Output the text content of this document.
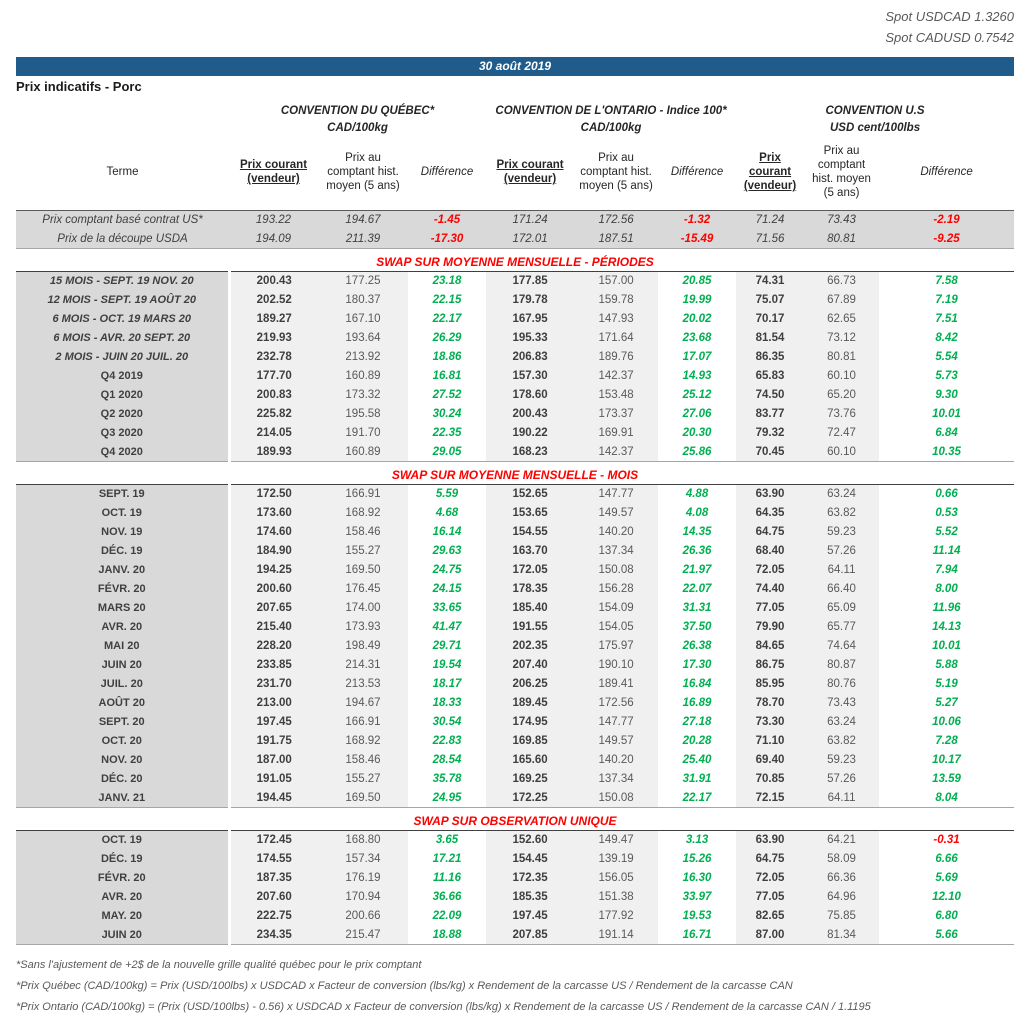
Spot USDCAD 1.3260
Spot CADUSD 0.7542
30 août 2019

Prix indicatifs - Porc

	CONVENTION DU QUÉBEC*			CONVENTION DE L'ONTARIO - Indice 100*			CONVENTION U.S		
	CAD/100kg			CAD/100kg			USD cent/100lbs		
Terme	Prix courant (vendeur)	Prix au comptant hist. moyen (5 ans)	Différence	Prix courant (vendeur)	Prix au comptant hist. moyen (5 ans)	Différence	Prix courant (vendeur)	Prix au comptant hist. moyen (5 ans)	Différence
Prix comptant basé contrat US*	193.22	194.67	-1.45	171.24	172.56	-1.32	71.24	73.43	-2.19
Prix de la découpe USDA	194.09	211.39	-17.30	172.01	187.51	-15.49	71.56	80.81	-9.25
SWAP SUR MOYENNE MENSUELLE - PÉRIODES									
15 MOIS - SEPT. 19 NOV. 20	200.43	177.25	23.18	177.85	157.00	20.85	74.31	66.73	7.58
12 MOIS - SEPT. 19 AOÛT 20	202.52	180.37	22.15	179.78	159.78	19.99	75.07	67.89	7.19
6 MOIS - OCT. 19 MARS 20	189.27	167.10	22.17	167.95	147.93	20.02	70.17	62.65	7.51
6 MOIS - AVR. 20 SEPT. 20	219.93	193.64	26.29	195.33	171.64	23.68	81.54	73.12	8.42
2 MOIS - JUIN 20 JUIL. 20	232.78	213.92	18.86	206.83	189.76	17.07	86.35	80.81	5.54
Q4 2019	177.70	160.89	16.81	157.30	142.37	14.93	65.83	60.10	5.73
Q1 2020	200.83	173.32	27.52	178.60	153.48	25.12	74.50	65.20	9.30
Q2 2020	225.82	195.58	30.24	200.43	173.37	27.06	83.77	73.76	10.01
Q3 2020	214.05	191.70	22.35	190.22	169.91	20.30	79.32	72.47	6.84
Q4 2020	189.93	160.89	29.05	168.23	142.37	25.86	70.45	60.10	10.35
SWAP SUR MOYENNE MENSUELLE - MOIS									
SEPT. 19	172.50	166.91	5.59	152.65	147.77	4.88	63.90	63.24	0.66
OCT. 19	173.60	168.92	4.68	153.65	149.57	4.08	64.35	63.82	0.53
NOV. 19	174.60	158.46	16.14	154.55	140.20	14.35	64.75	59.23	5.52
DÉC. 19	184.90	155.27	29.63	163.70	137.34	26.36	68.40	57.26	11.14
JANV. 20	194.25	169.50	24.75	172.05	150.08	21.97	72.05	64.11	7.94
FÉVR. 20	200.60	176.45	24.15	178.35	156.28	22.07	74.40	66.40	8.00
MARS 20	207.65	174.00	33.65	185.40	154.09	31.31	77.05	65.09	11.96
AVR. 20	215.40	173.93	41.47	191.55	154.05	37.50	79.90	65.77	14.13
MAI 20	228.20	198.49	29.71	202.35	175.97	26.38	84.65	74.64	10.01
JUIN 20	233.85	214.31	19.54	207.40	190.10	17.30	86.75	80.87	5.88
JUIL. 20	231.70	213.53	18.17	206.25	189.41	16.84	85.95	80.76	5.19
AOÛT 20	213.00	194.67	18.33	189.45	172.56	16.89	78.70	73.43	5.27
SEPT. 20	197.45	166.91	30.54	174.95	147.77	27.18	73.30	63.24	10.06
OCT. 20	191.75	168.92	22.83	169.85	149.57	20.28	71.10	63.82	7.28
NOV. 20	187.00	158.46	28.54	165.60	140.20	25.40	69.40	59.23	10.17
DÉC. 20	191.05	155.27	35.78	169.25	137.34	31.91	70.85	57.26	13.59
JANV. 21	194.45	169.50	24.95	172.25	150.08	22.17	72.15	64.11	8.04
SWAP SUR OBSERVATION UNIQUE									
OCT. 19	172.45	168.80	3.65	152.60	149.47	3.13	63.90	64.21	-0.31
DÉC. 19	174.55	157.34	17.21	154.45	139.19	15.26	64.75	58.09	6.66
FÉVR. 20	187.35	176.19	11.16	172.35	156.05	16.30	72.05	66.36	5.69
AVR. 20	207.60	170.94	36.66	185.35	151.38	33.97	77.05	64.96	12.10
MAY. 20	222.75	200.66	22.09	197.45	177.92	19.53	82.65	75.85	6.80
JUIN 20	234.35	215.47	18.88	207.85	191.14	16.71	87.00	81.34	5.66
*Sans l'ajustement de +2$ de la nouvelle grille qualité québec pour le prix comptant
*Prix Québec (CAD/100kg) = Prix (USD/100lbs) x USDCAD x Facteur de conversion (lbs/kg) x Rendement de la carcasse US / Rendement de la carcasse CAN
*Prix Ontario (CAD/100kg) = (Prix (USD/100lbs) - 0.56) x USDCAD x Facteur de conversion (lbs/kg) x Rendement de la carcasse US / Rendement de la carcasse CAN / 1.1195
